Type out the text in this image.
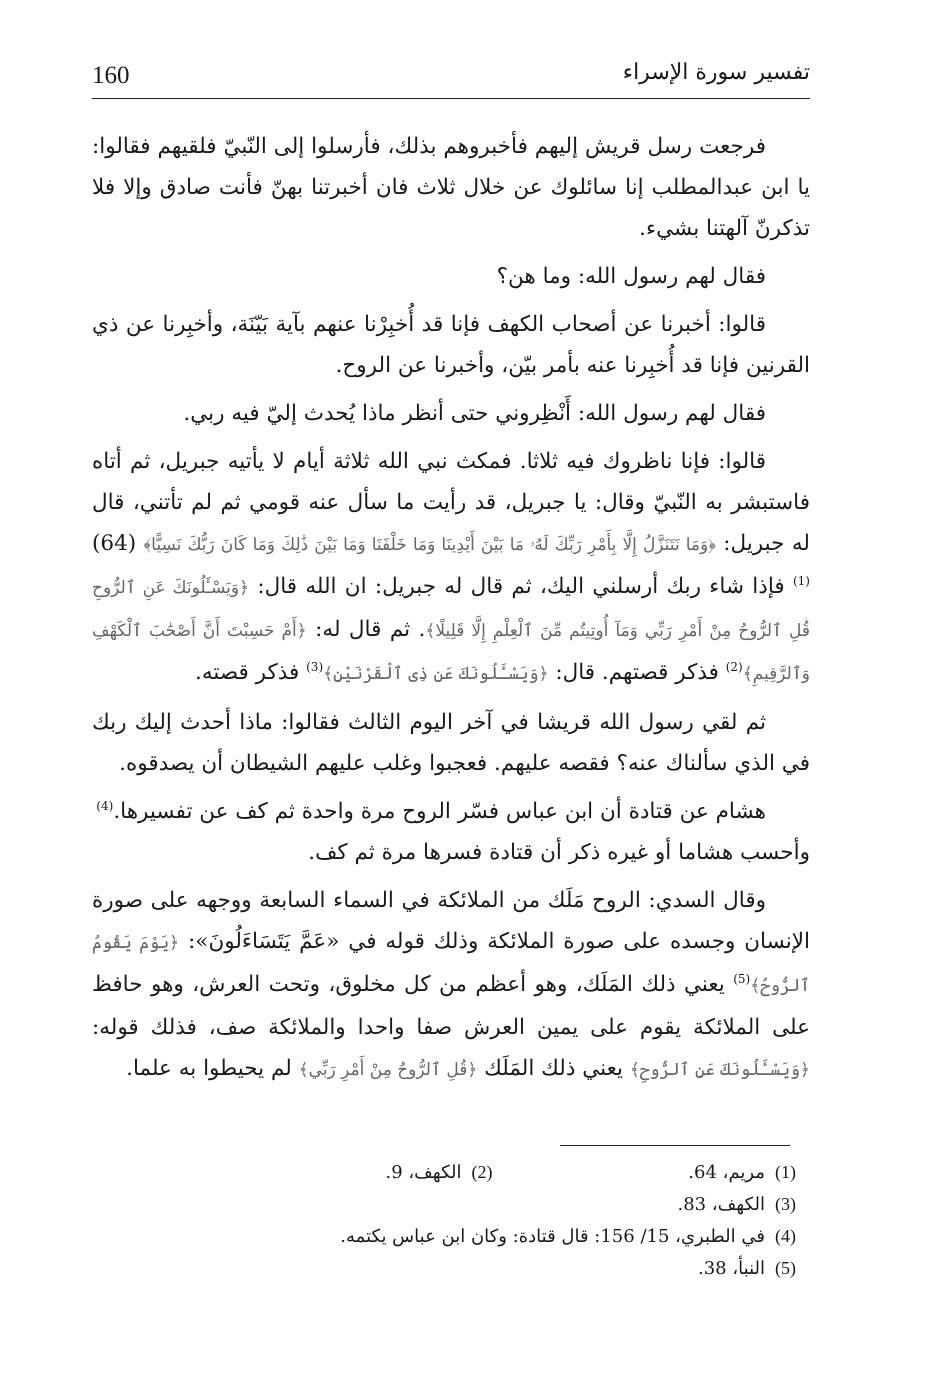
تفسير سورة الإسراء
160

فرجعت رسل قريش إليهم فأخبروهم بذلك، فأرسلوا إلى النّبيّ فلقيهم فقالوا: يا ابن عبدالمطلب إنا سائلوك عن خلال ثلاث فان أخبرتنا بهنّ فأنت صادق وإلا فلا تذكرنّ آلهتنا بشيء.

فقال لهم رسول الله: وما هن؟

قالوا: أخبرنا عن أصحاب الكهف فإنا قد أُخبِرْنا عنهم بآية بَيّنَة، وأخبِرنا عن ذي القرنين فإنا قد أُخبِرنا عنه بأمر بيّن، وأخبرنا عن الروح.

فقال لهم رسول الله: أَنْظِروني حتى أنظر ماذا يُحدث إليّ فيه ربي.

قالوا: فإنا ناظروك فيه ثلاثا. فمكث نبي الله ثلاثة أيام لا يأتيه جبريل، ثم أتاه فاستبشر به النّبيّ وقال: يا جبريل، قد رأيت ما سأل عنه قومي ثم لم تأتني، قال له جبريل: ﴿وَمَا نَتَنَزَّلُ إِلَّا بِأَمْرِ رَبِّكَ لَهُۥ مَا بَيْنَ أَيْدِينَا وَمَا خَلْفَنَا وَمَا بَيْنَ ذَٰلِكَ وَمَا كَانَ رَبُّكَ نَسِيًّا﴾ (64)$^{(1)}$ فإذا شاء ربك أرسلني اليك، ثم قال له جبريل: ان الله قال: ﴿وَيَسْـَٔلُونَكَ عَنِ ٱلرُّوحِ قُلِ ٱلرُّوحُ مِنْ أَمْرِ رَبِّي وَمَآ أُوتِيتُم مِّنَ ٱلْعِلْمِ إِلَّا قَلِيلًا﴾. ثم قال له: ﴿أَمْ حَسِبْتَ أَنَّ أَصْحَٰبَ ٱلْكَهْفِ وَٱلرَّقِيمِ﴾$^{(2)}$ فذكر قصتهم. قال: ﴿وَيَسْـَٔلُونَكَ عَن ذِى ٱلْقَرْنَيْنِ﴾$^{(3)}$ فذكر قصته.

ثم لقي رسول الله قريشا في آخر اليوم الثالث فقالوا: ماذا أحدث إليك ربك في الذي سألناك عنه؟ فقصه عليهم. فعجبوا وغلب عليهم الشيطان أن يصدقوه.

هشام عن قتادة أن ابن عباس فسّر الروح مرة واحدة ثم كف عن تفسيرها.$^{(4)}$
وأحسب هشاما أو غيره ذكر أن قتادة فسرها مرة ثم كف.

وقال السدي: الروح مَلَك من الملائكة في السماء السابعة ووجهه على صورة الإنسان وجسده على صورة الملائكة وذلك قوله في «عَمَّ يَتَسَاءَلُونَ»: ﴿يَوْمَ يَقُومُ ٱلرُّوحُ﴾$^{(5)}$ يعني ذلك المَلَك، وهو أعظم من كل مخلوق، وتحت العرش، وهو حافظ على الملائكة يقوم على يمين العرش صفا واحدا والملائكة صف، فذلك قوله: ﴿وَيَسْـَٔلُونَكَ عَنِ ٱلرُّوحِ﴾ يعني ذلك المَلَك ﴿قُلِ ٱلرُّوحُ مِنْ أَمْرِ رَبِّي﴾ لم يحيطوا به علما.

(1)مريم، 64. (2)الكهف، 9.
(3)الكهف، 83.
(4)في الطبري، 15/ 156: قال قتادة: وكان ابن عباس يكتمه.
(5)النبأ، 38.
